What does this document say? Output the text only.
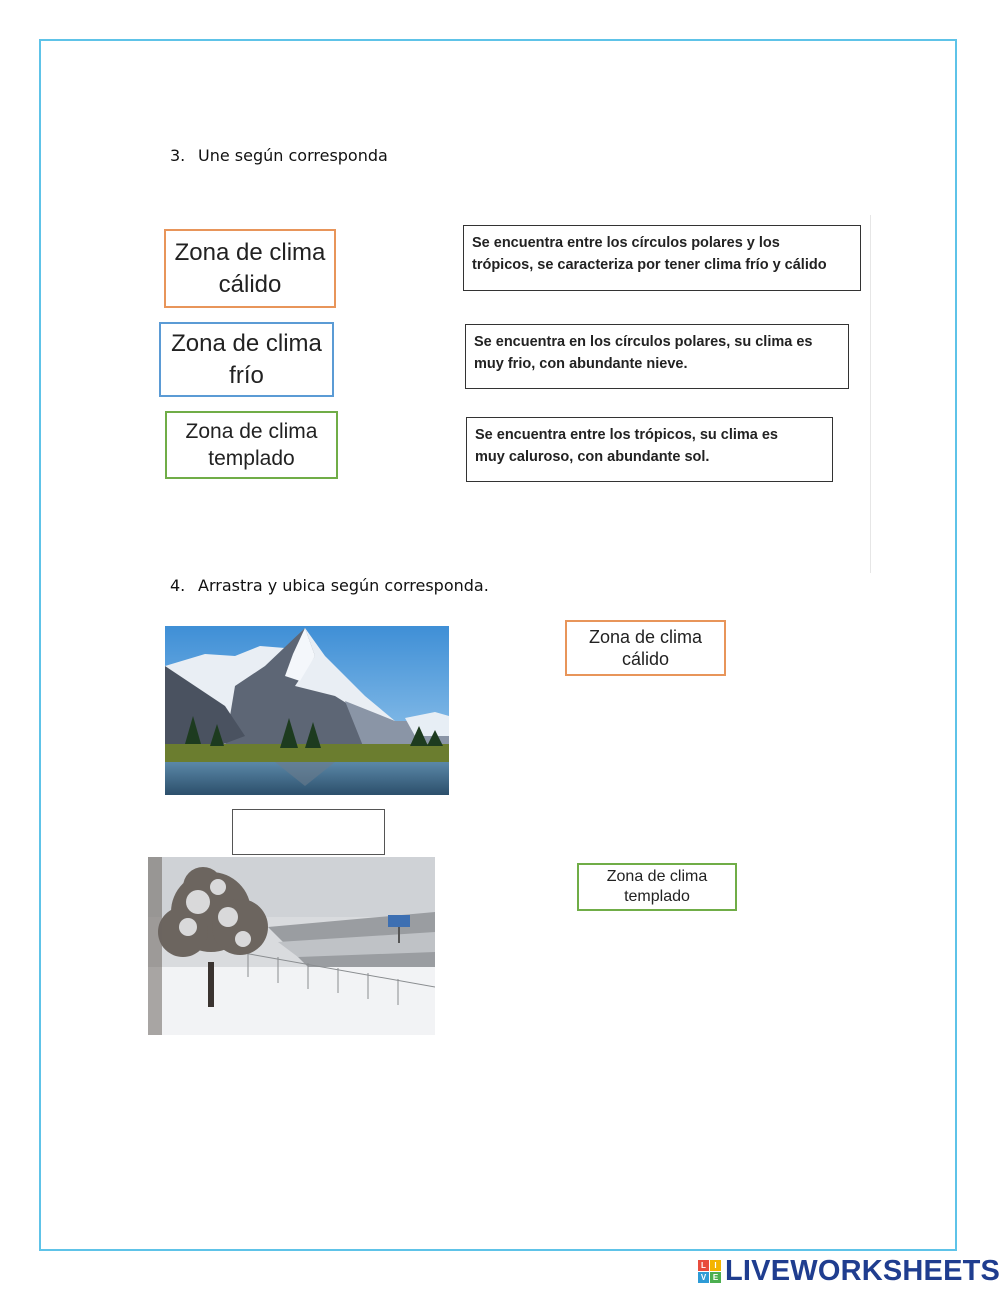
3. Une según corresponda
Zona de clima
cálido
Zona de clima
frío
Zona de clima
templado
Se encuentra entre los círculos polares y los
trópicos, se caracteriza por tener clima frío y cálido
Se encuentra en los círculos polares, su clima es
muy frio, con abundante nieve.
Se encuentra entre los trópicos, su clima es
muy caluroso, con abundante sol.
4. Arrastra y ubica según corresponda.
Zona de clima
cálido
Zona de clima
templado
L	I
V E LIVEWORKSHEETS
